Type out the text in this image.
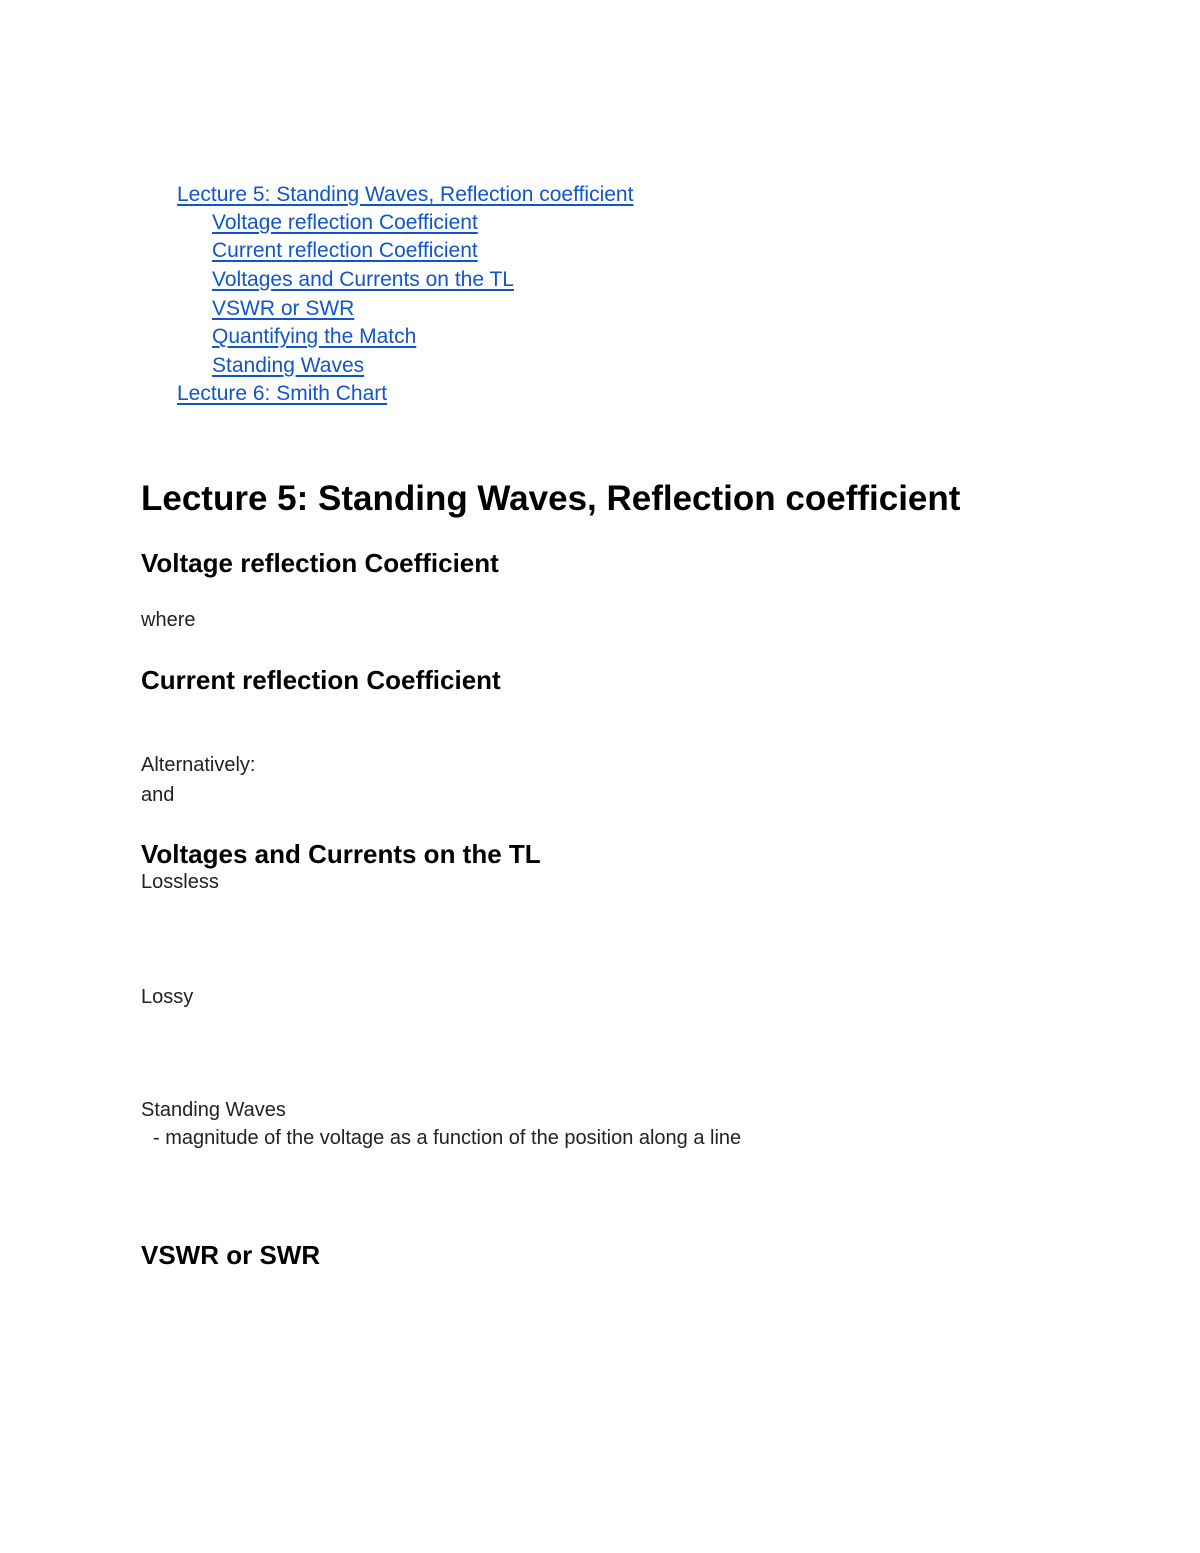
Lecture 5: Standing Waves, Reflection coefficient
Voltage reflection Coefficient
Current reflection Coefficient
Voltages and Currents on the TL
VSWR or SWR
Quantifying the Match
Standing Waves
Lecture 6: Smith Chart
Lecture 5: Standing Waves, Reflection coefficient
Voltage reflection Coefficient
where
Current reflection Coefficient
Alternatively:
and
Voltages and Currents on the TL
Lossless
Lossy
Standing Waves
- magnitude of the voltage as a function of the position along a line
VSWR or SWR
